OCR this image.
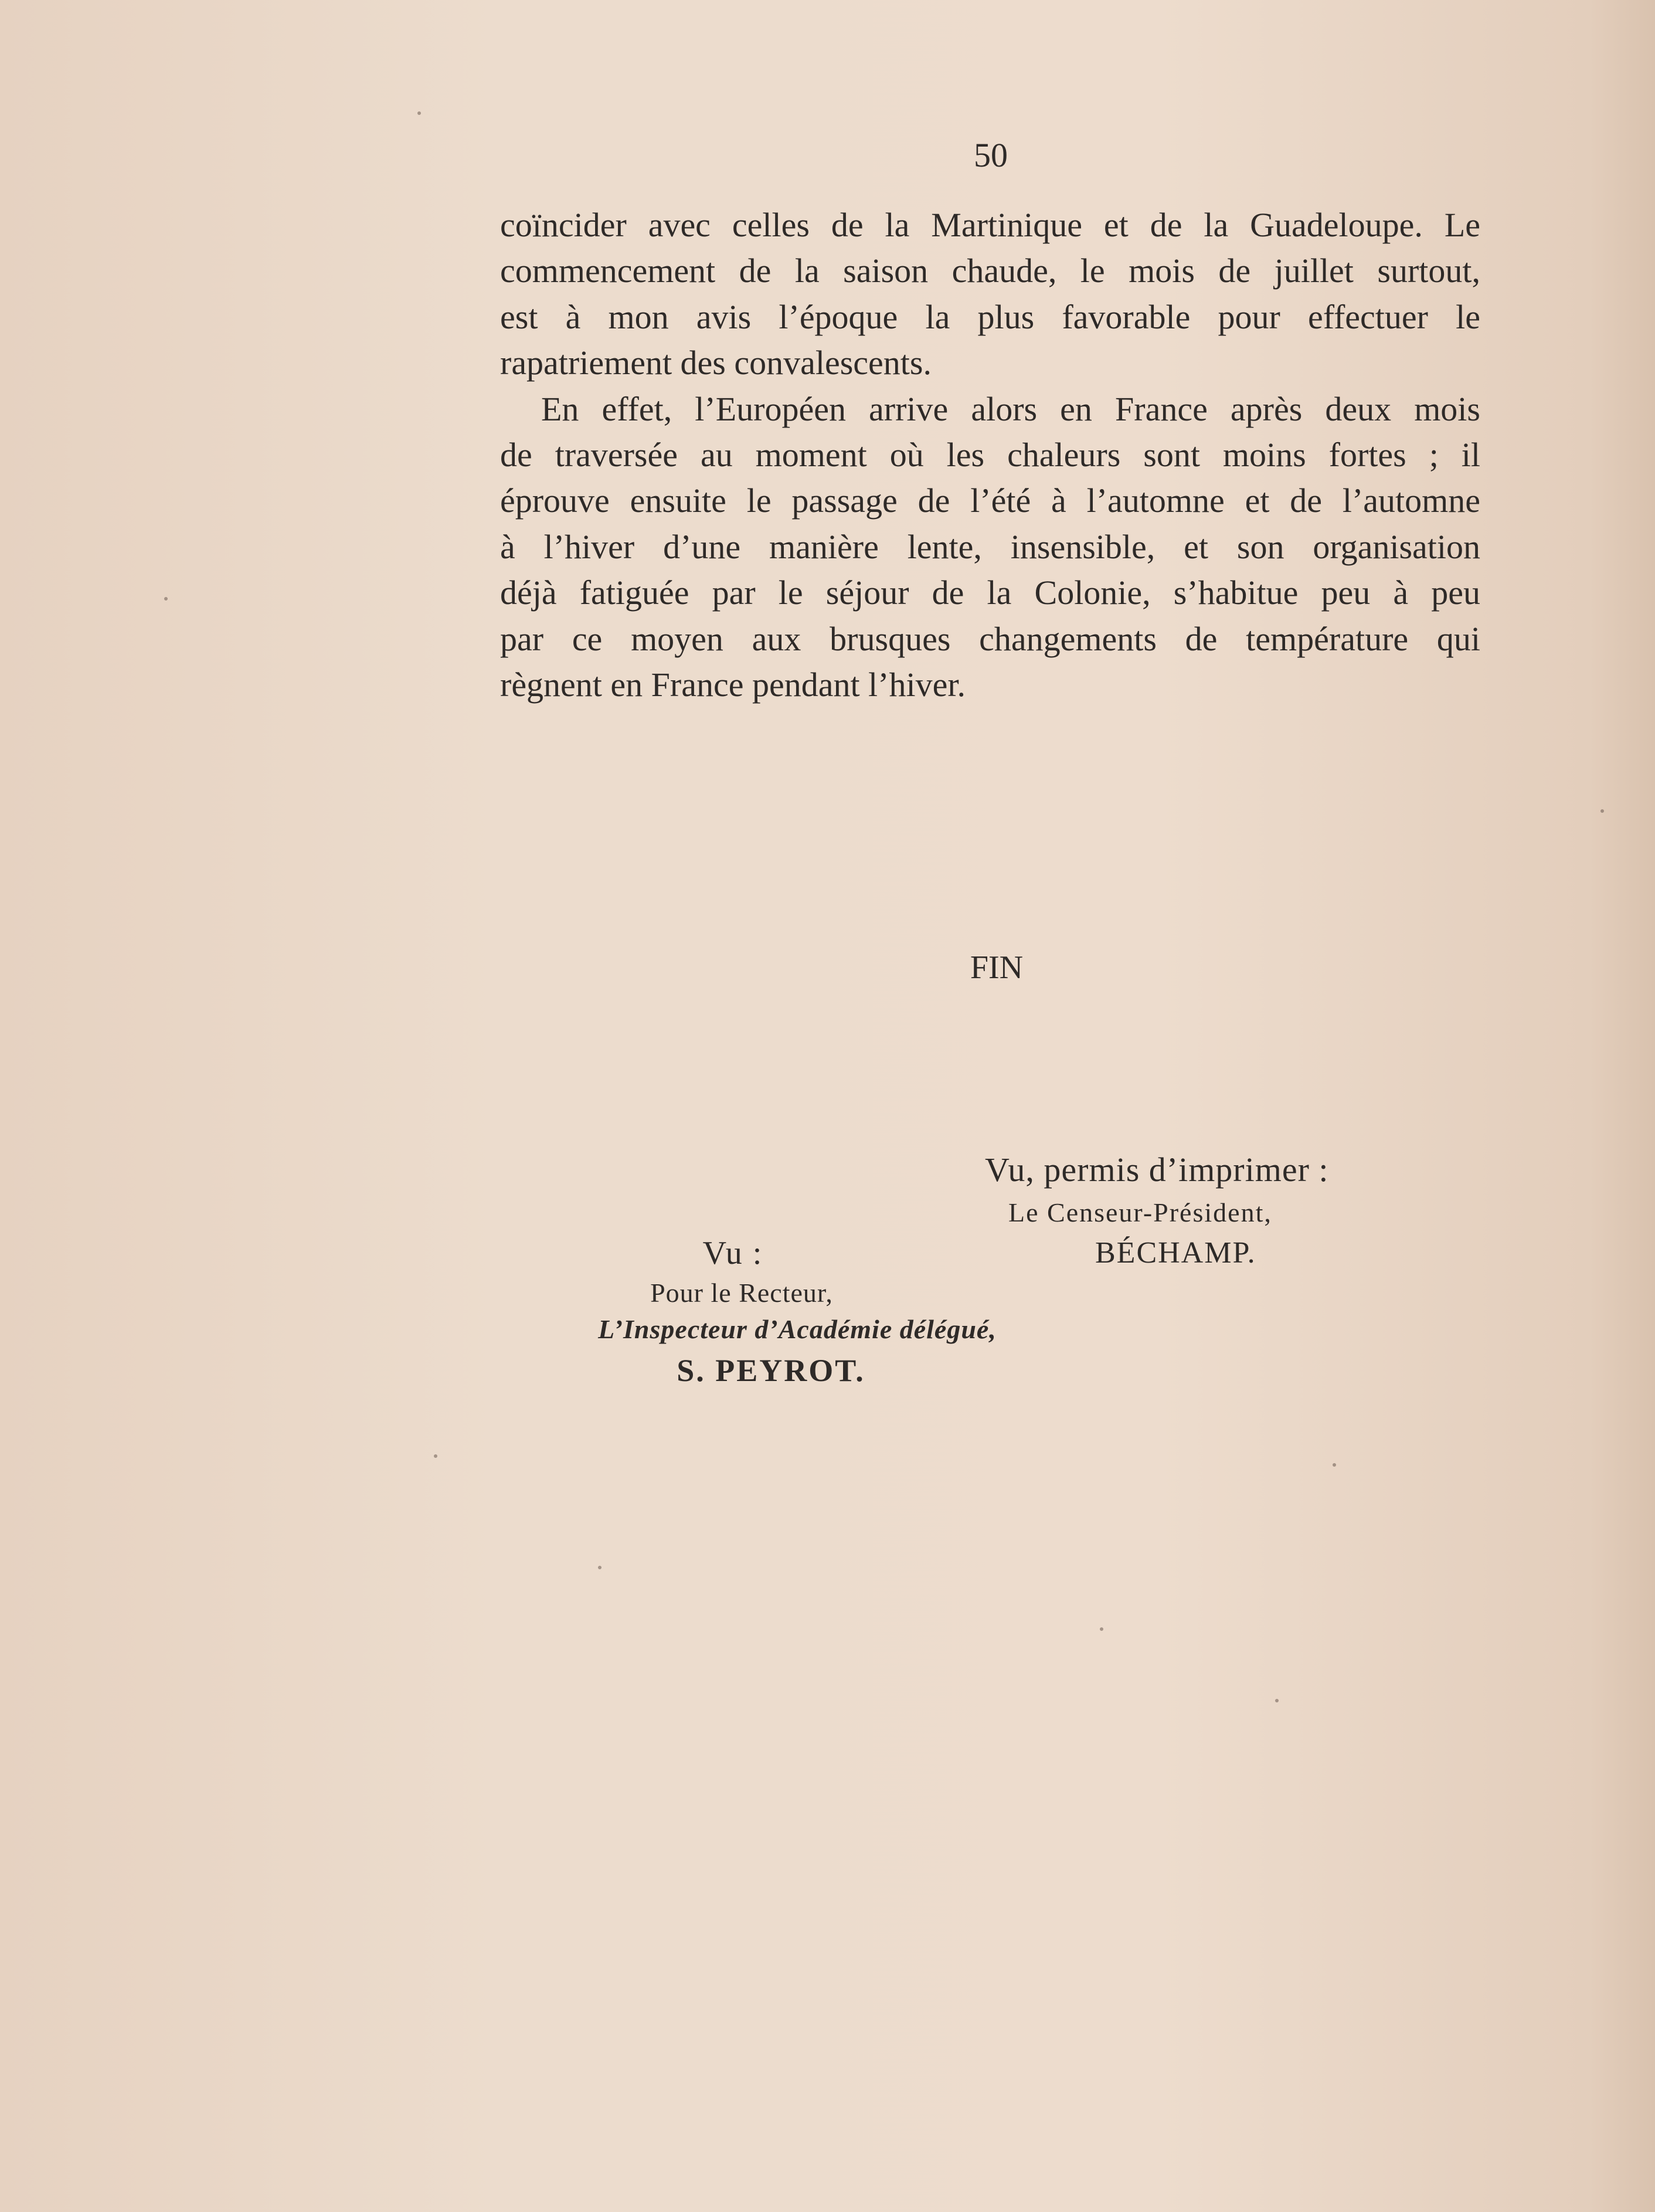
50

coïncider avec celles de la Martinique et de la Guadeloupe. Le
commencement de la saison chaude, le mois de juillet surtout,
est à mon avis l’époque la plus favorable pour effectuer le
rapatriement des convalescents.

En effet, l’Européen arrive alors en France après deux mois
de traversée au moment où les chaleurs sont moins fortes ; il
éprouve ensuite le passage de l’été à l’automne et de l’automne
à l’hiver d’une manière lente, insensible, et son organisation
déjà fatiguée par le séjour de la Colonie, s’habitue peu à peu
par ce moyen aux brusques changements de température qui
règnent en France pendant l’hiver.

FIN

Vu, permis d’imprimer :

Le Censeur-Président,

BÉCHAMP.

Vu :

Pour le Recteur,

L’Inspecteur d’Académie délégué,

S. PEYROT.
